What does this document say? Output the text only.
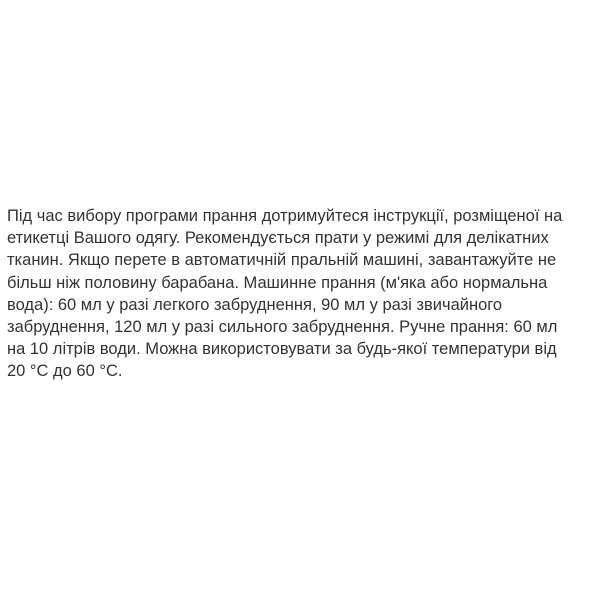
Під час вибору програми прання дотримуйтеся інструкції, розміщеної на
етикетці Вашого одягу. Рекомендується прати у режимі для делікатних
тканин. Якщо перете в автоматичній пральній машині, завантажуйте не
більш ніж половину барабана. Машинне прання (м'яка або нормальна
вода): 60 мл у разі легкого забруднення, 90 мл у разі звичайного
забруднення, 120 мл у разі сильного забруднення. Ручне прання: 60 мл
на 10 літрів води. Можна використовувати за будь-якої температури від
20 °C до 60 °C.
